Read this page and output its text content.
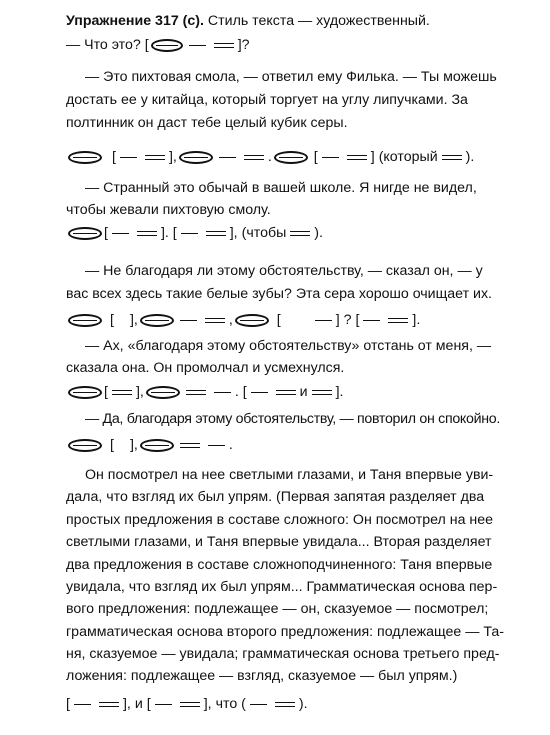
Упражнение 317 (с). Стиль текста — художественный.
— Что это? [	]?
— Это пихтовая смола, — ответил ему Филька. — Ты можешь
достать ее у китайца, который торгует на углу липучками. За
полтинник он даст тебе целый кубик серы.
[	],	.	[	] (который ).
— Странный это обычай в вашей школе. Я нигде не видел,
чтобы жевали пихтовую смолу.
[	]. [	], (чтобы ).
— Не благодаря ли этому обстоятельству, — сказал он, — у
вас всех здесь такие белые зубы? Эта сера хорошо очищает их.
[ ],	,	[	] ? [	].
— Ах, «благодаря этому обстоятельству» отстань от меня, —
сказала она. Он промолчал и усмехнулся.
[ ],	. [	и ].
— Да, благодаря этому обстоятельству, — повторил он спокойно.
[ ],	.
Он посмотрел на нее светлыми глазами, и Таня впервые уви-
дала, что взгляд их был упрям. (Первая запятая разделяет два
простых предложения в составе сложного: Он посмотрел на нее
светлыми глазами, и Таня впервые увидала... Вторая разделяет
два предложения в составе сложноподчиненного: Таня впервые
увидала, что взгляд их был упрям... Грамматическая основа пер-
вого предложения: подлежащее — он, сказуемое — посмотрел;
грамматическая основа второго предложения: подлежащее — Та-
ня, сказуемое — увидала; грамматическая основа третьего пред-
ложения: подлежащее — взгляд, сказуемое — был упрям.)
[	], и [	], что (	).
